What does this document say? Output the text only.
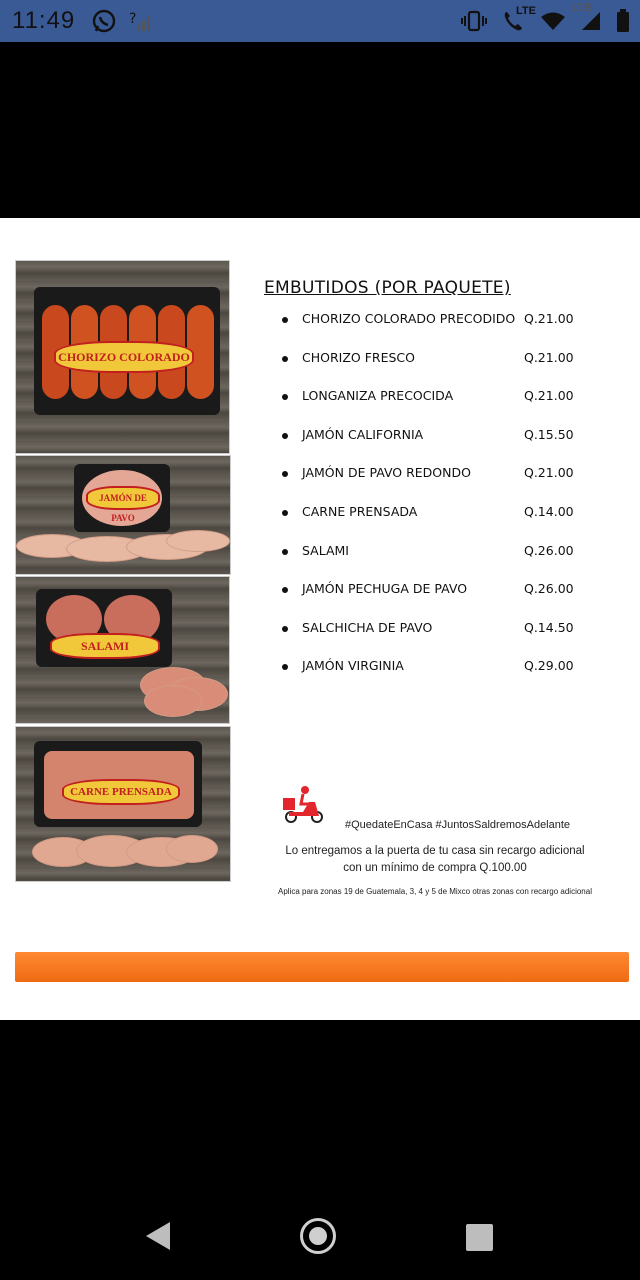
11:49	?	LTE	LTE
CHORIZO COLORADO
JAMÓN DE PAVO
SALAMI
CARNE PRENSADA
EMBUTIDOS (POR PAQUETE)
CHORIZO COLORADO PRECODIDO Q.21.00
CHORIZO FRESCO	Q.21.00
LONGANIZA PRECOCIDA	Q.21.00
JAMÓN CALIFORNIA	Q.15.50
JAMÓN DE PAVO REDONDO	Q.21.00
CARNE PRENSADA	Q.14.00
SALAMI	Q.26.00
JAMÓN PECHUGA DE PAVO	Q.26.00
SALCHICHA DE PAVO	Q.14.50
JAMÓN VIRGINIA	Q.29.00
#QuedateEnCasa #JuntosSaldremosAdelante
Lo entregamos a la puerta de tu casa sin recargo adicional
con un mínimo de compra Q.100.00
Aplica para zonas 19 de Guatemala, 3, 4 y 5 de Mixco otras zonas con recargo adicional
